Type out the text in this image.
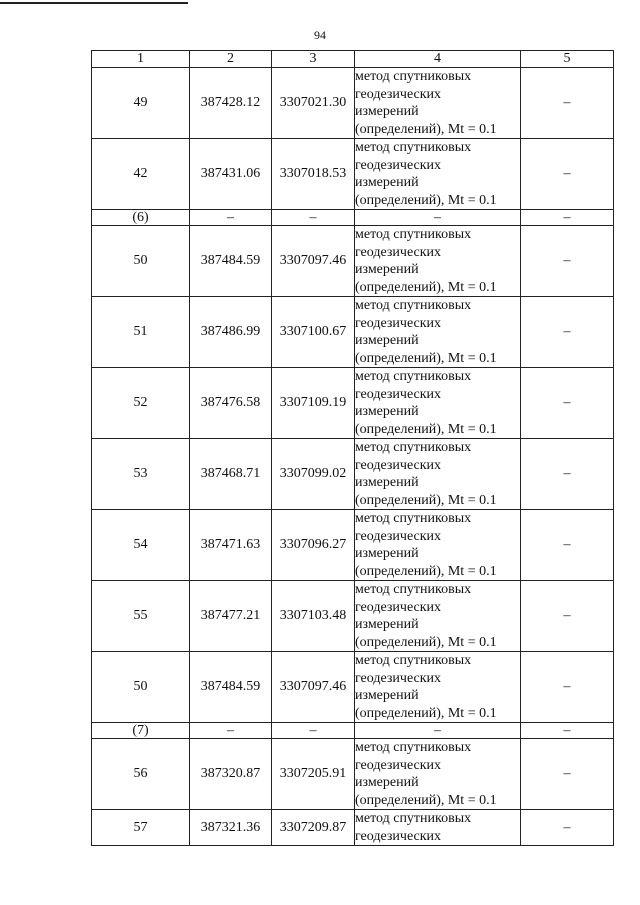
94
1	2	3	4	5
49	387428.12	3307021.30	метод спутниковых
геодезических
измерений
(определений), Mt = 0.1	–
42	387431.06	3307018.53	метод спутниковых
геодезических
измерений
(определений), Mt = 0.1	–
(6)	–	–	–	–
50	387484.59	3307097.46	метод спутниковых
геодезических
измерений
(определений), Mt = 0.1	–
51	387486.99	3307100.67	метод спутниковых
геодезических
измерений
(определений), Mt = 0.1	–
52	387476.58	3307109.19	метод спутниковых
геодезических
измерений
(определений), Mt = 0.1	–
53	387468.71	3307099.02	метод спутниковых
геодезических
измерений
(определений), Mt = 0.1	–
54	387471.63	3307096.27	метод спутниковых
геодезических
измерений
(определений), Mt = 0.1	–
55	387477.21	3307103.48	метод спутниковых
геодезических
измерений
(определений), Mt = 0.1	–
50	387484.59	3307097.46	метод спутниковых
геодезических
измерений
(определений), Mt = 0.1	–
(7)	–	–	–	–
56	387320.87	3307205.91	метод спутниковых
геодезических
измерений
(определений), Mt = 0.1	–
57	387321.36	3307209.87	метод спутниковых
геодезических	–
